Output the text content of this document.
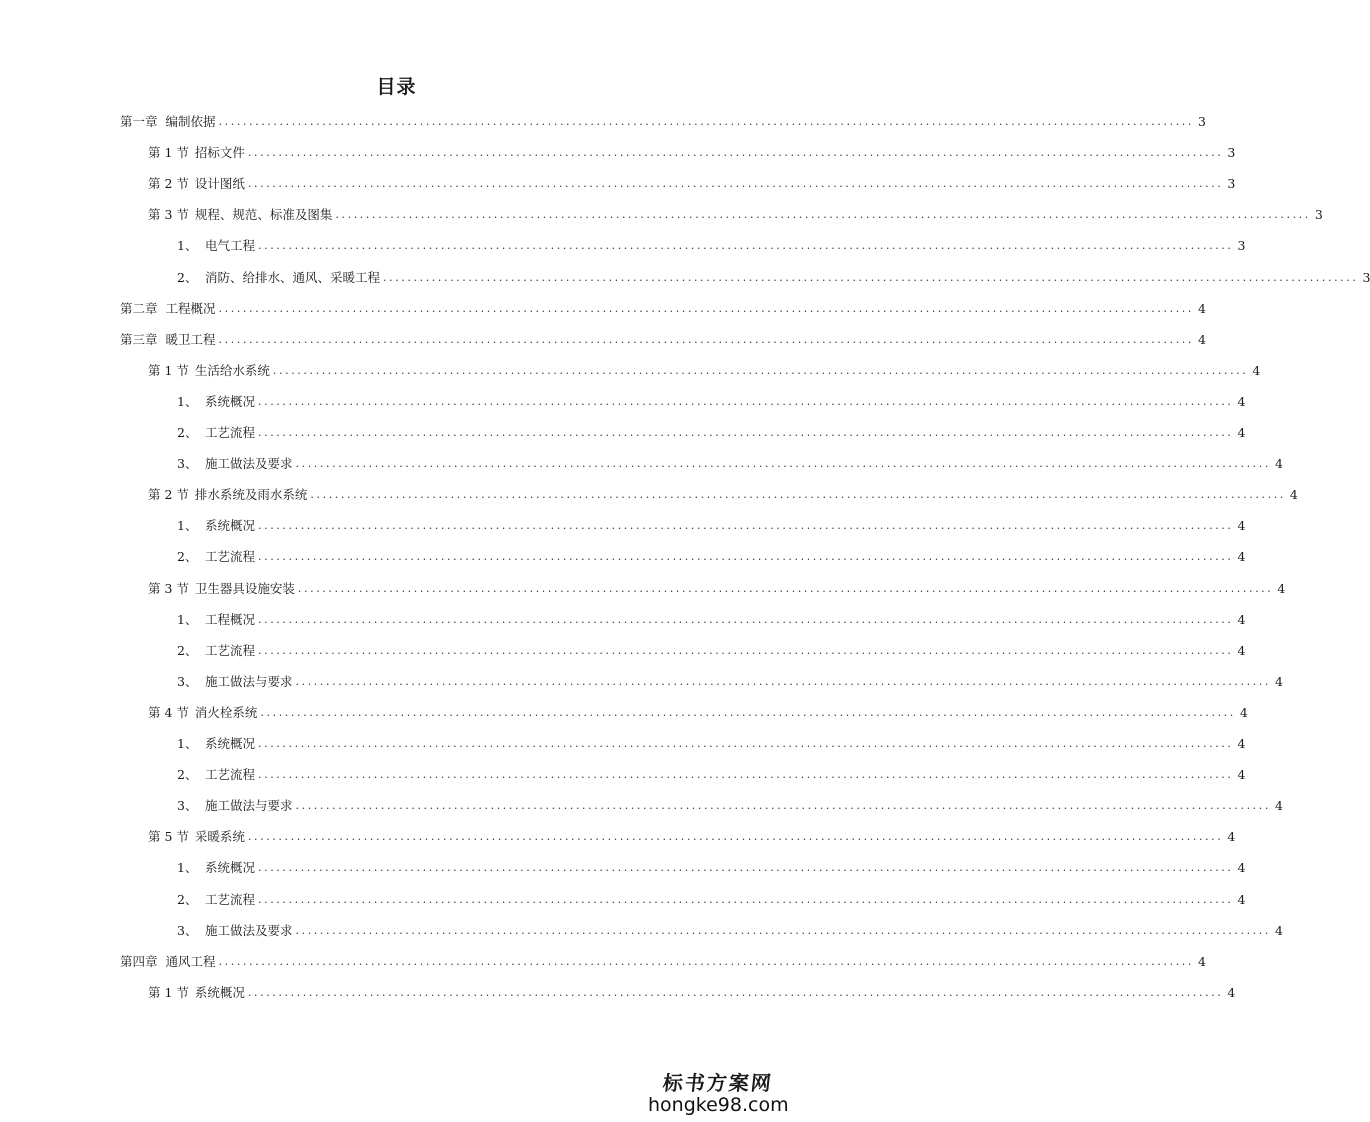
目录
第一章 编制依据 ................................................................................................................................................................ 3
第 1 节 招标文件 ................................................................................................................................................................ 3
第 2 节 设计图纸 ................................................................................................................................................................ 3
第 3 节 规程、规范、标准及图集 ................................................................................................................................................................ 3
1、 电气工程 ................................................................................................................................................................ 3
2、 消防、给排水、通风、采暖工程 ................................................................................................................................................................ 3
第二章 工程概况 ................................................................................................................................................................ 4
第三章 暖卫工程 ................................................................................................................................................................ 4
第 1 节 生活给水系统 ................................................................................................................................................................ 4
1、 系统概况 ................................................................................................................................................................ 4
2、 工艺流程 ................................................................................................................................................................ 4
3、 施工做法及要求 ................................................................................................................................................................ 4
第 2 节 排水系统及雨水系统 ................................................................................................................................................................ 4
1、 系统概况 ................................................................................................................................................................ 4
2、 工艺流程 ................................................................................................................................................................ 4
第 3 节 卫生器具设施安装 ................................................................................................................................................................ 4
1、 工程概况 ................................................................................................................................................................ 4
2、 工艺流程 ................................................................................................................................................................ 4
3、 施工做法与要求 ................................................................................................................................................................ 4
第 4 节 消火栓系统 ................................................................................................................................................................ 4
1、 系统概况 ................................................................................................................................................................ 4
2、 工艺流程 ................................................................................................................................................................ 4
3、 施工做法与要求 ................................................................................................................................................................ 4
第 5 节 采暖系统 ................................................................................................................................................................ 4
1、 系统概况 ................................................................................................................................................................ 4
2、 工艺流程 ................................................................................................................................................................ 4
3、 施工做法及要求 ................................................................................................................................................................ 4
第四章 通风工程 ................................................................................................................................................................ 4
第 1 节 系统概况 ................................................................................................................................................................ 4
标书方案网
hongke98.com
